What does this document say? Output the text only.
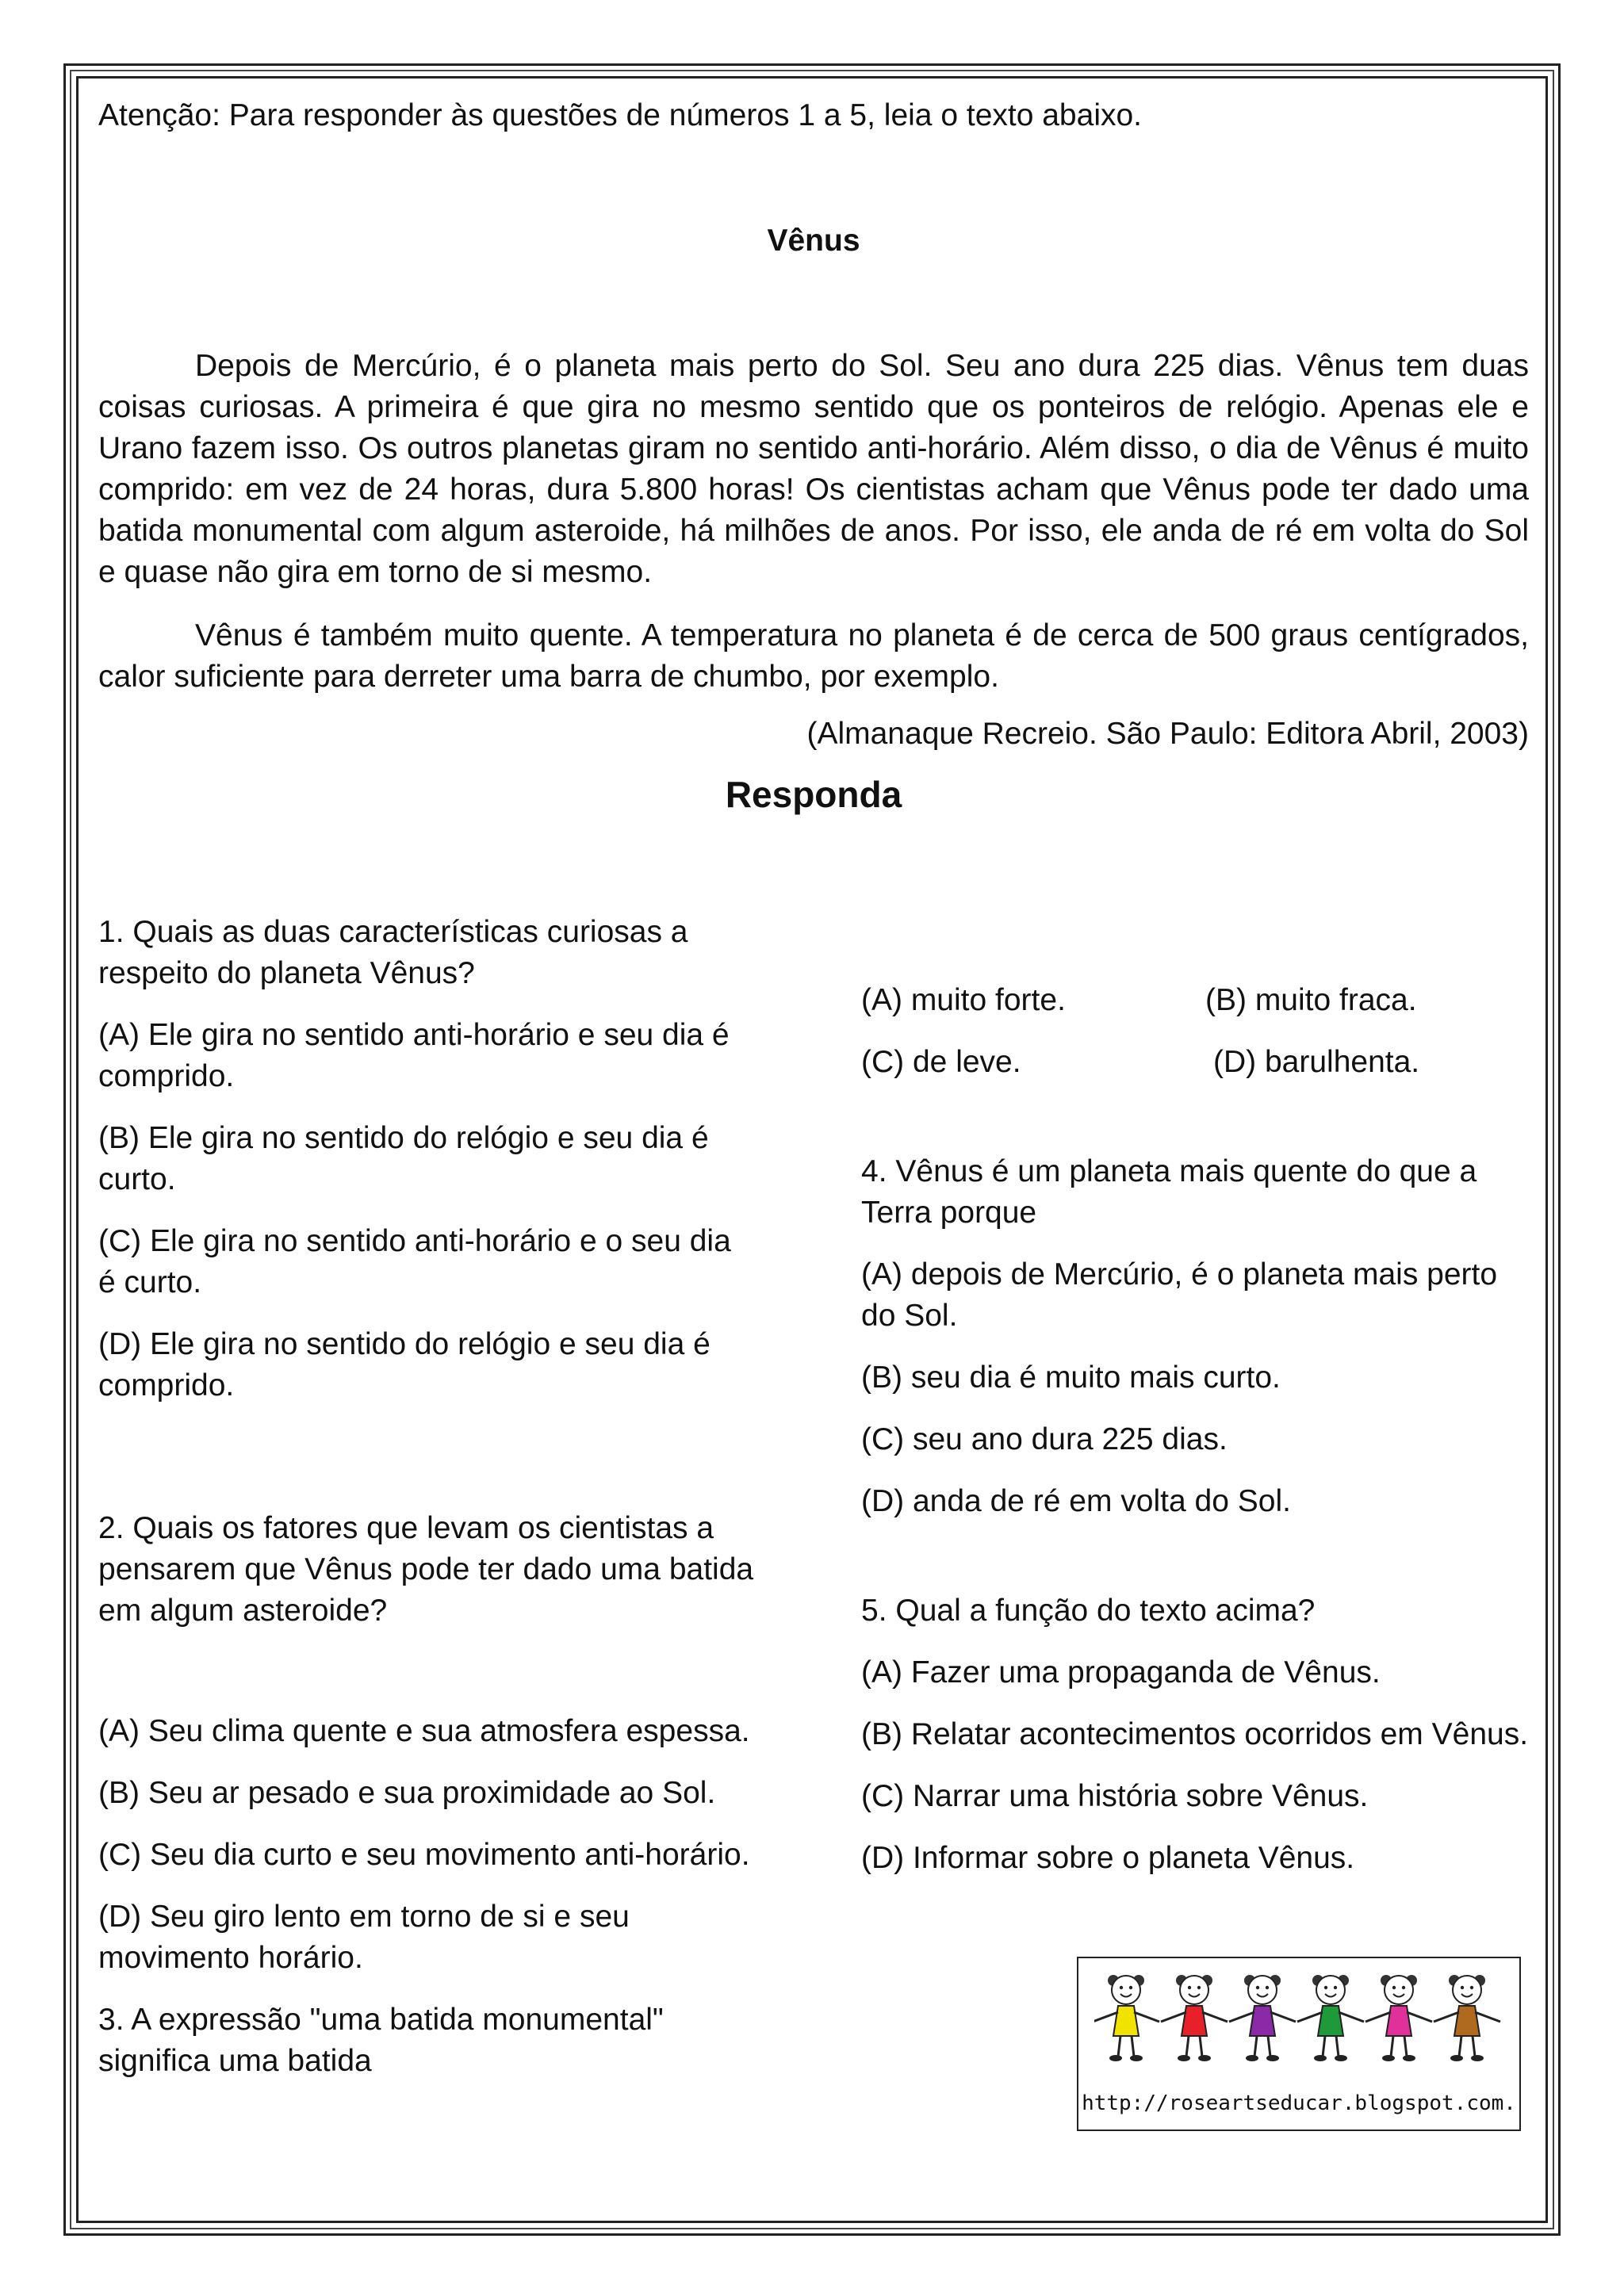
Atenção: Para responder às questões de números 1 a 5, leia o texto abaixo.

Vênus

Depois de Mercúrio, é o planeta mais perto do Sol. Seu ano dura 225 dias. Vênus tem duas coisas curiosas. A primeira é que gira no mesmo sentido que os ponteiros de relógio. Apenas ele e Urano fazem isso. Os outros planetas giram no sentido anti-horário. Além disso, o dia de Vênus é muito comprido: em vez de 24 horas, dura 5.800 horas! Os cientistas acham que Vênus pode ter dado uma batida monumental com algum asteroide, há milhões de anos. Por isso, ele anda de ré em volta do Sol e quase não gira em torno de si mesmo.

Vênus é também muito quente. A temperatura no planeta é de cerca de 500 graus centígrados, calor suficiente para derreter uma barra de chumbo, por exemplo.

(Almanaque Recreio. São Paulo: Editora Abril, 2003)
Responda

1. Quais as duas características curiosas a respeito do planeta Vênus?

(A) Ele gira no sentido anti-horário e seu dia é comprido.

(B) Ele gira no sentido do relógio e seu dia é curto.

(C) Ele gira no sentido anti-horário e o seu dia é curto.

(D) Ele gira no sentido do relógio e seu dia é comprido.

2. Quais os fatores que levam os cientistas a pensarem que Vênus pode ter dado uma batida em algum asteroide?

(A) Seu clima quente e sua atmosfera espessa.

(B) Seu ar pesado e sua proximidade ao Sol.

(C) Seu dia curto e seu movimento anti-horário.

(D) Seu giro lento em torno de si e seu movimento horário.

3. A expressão "uma batida monumental" significa uma batida

(A) muito forte.	(B) muito fraca.
(C) de leve.	(D) barulhenta.

4. Vênus é um planeta mais quente do que a Terra porque

(A) depois de Mercúrio, é o planeta mais perto do Sol.

(B) seu dia é muito mais curto.

(C) seu ano dura 225 dias.

(D) anda de ré em volta do Sol.

5. Qual a função do texto acima?

(A) Fazer uma propaganda de Vênus.

(B) Relatar acontecimentos ocorridos em Vênus.

(C) Narrar uma história sobre Vênus.

(D) Informar sobre o planeta Vênus.

http://roseartseducar.blogspot.com.
